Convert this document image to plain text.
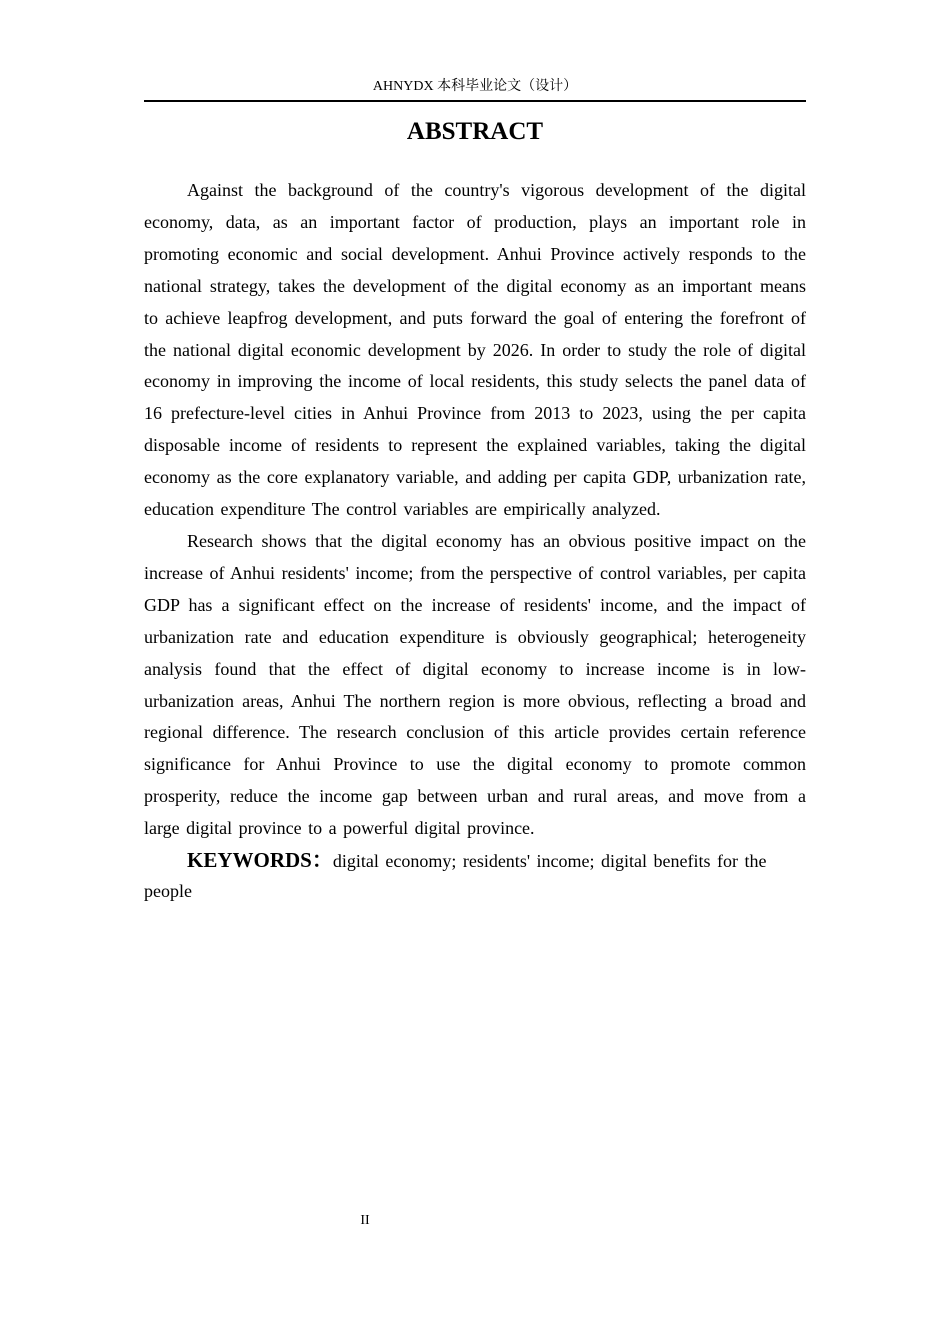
AHNYDX 本科毕业论文（设计）
ABSTRACT

Against the background of the country's vigorous development of the digital economy, data, as an important factor of production, plays an important role in promoting economic and social development. Anhui Province actively responds to the national strategy, takes the development of the digital economy as an important means to achieve leapfrog development, and puts forward the goal of entering the forefront of the national digital economic development by 2026. In order to study the role of digital economy in improving the income of local residents, this study selects the panel data of 16 prefecture-level cities in Anhui Province from 2013 to 2023, using the per capita disposable income of residents to represent the explained variables, taking the digital economy as the core explanatory variable, and adding per capita GDP, urbanization rate, education expenditure The control variables are empirically analyzed.

Research shows that the digital economy has an obvious positive impact on the increase of Anhui residents' income; from the perspective of control variables, per capita GDP has a significant effect on the increase of residents' income, and the impact of urbanization rate and education expenditure is obviously geographical; heterogeneity analysis found that the effect of digital economy to increase income is in low-urbanization areas, Anhui The northern region is more obvious, reflecting a broad and regional difference. The research conclusion of this article provides certain reference significance for Anhui Province to use the digital economy to promote common prosperity, reduce the income gap between urban and rural areas, and move from a large digital province to a powerful digital province.

KEYWORDS：digital economy; residents' income; digital benefits for the people

II
